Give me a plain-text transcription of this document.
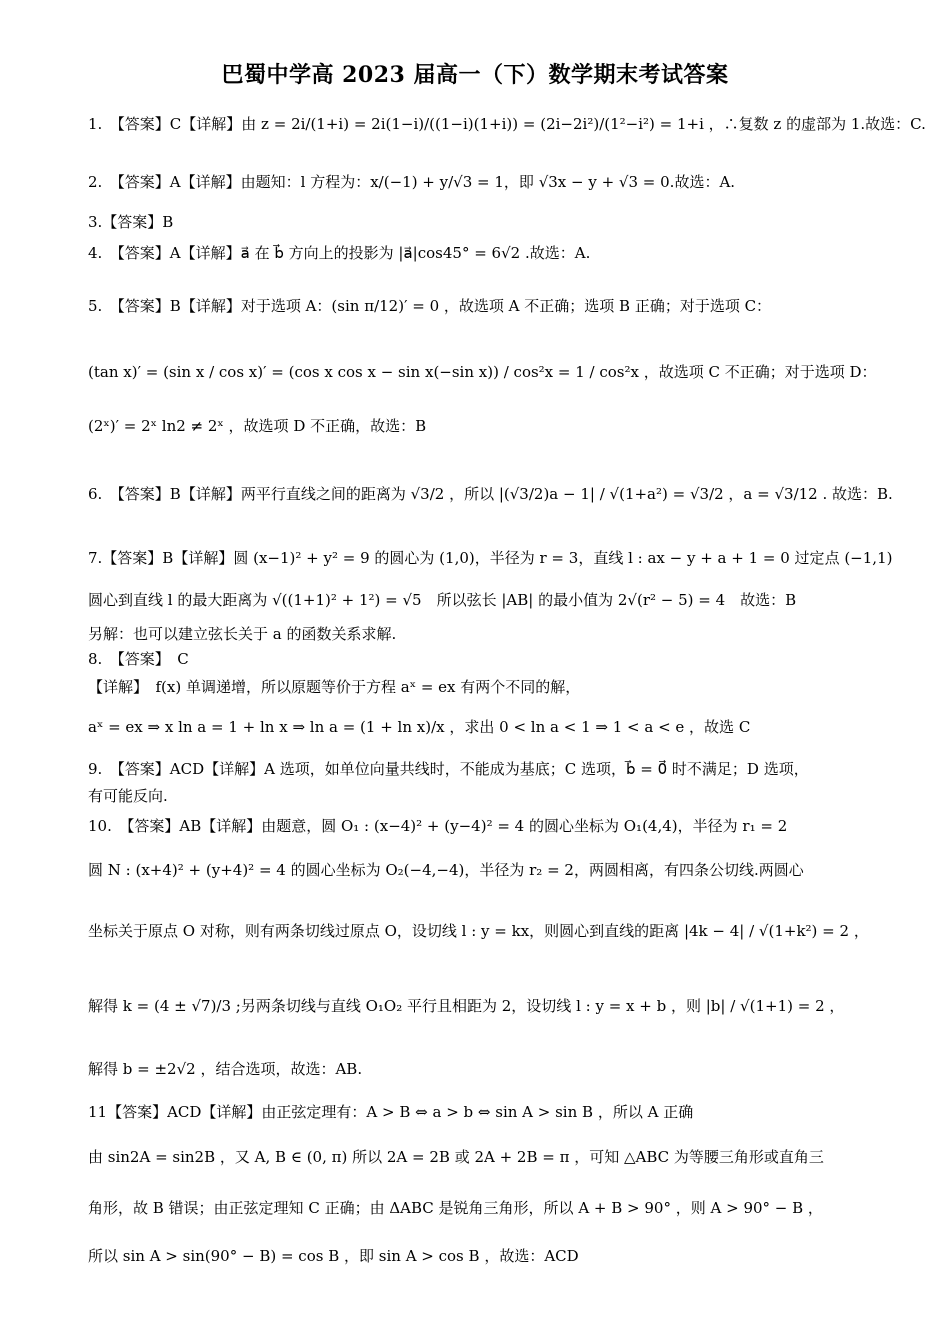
巴蜀中学高 2023 届高一（下）数学期末考试答案
1.　【答案】C【详解】由 z = 2i/(1+i) = 2i(1−i)/((1−i)(1+i)) = (2i−2i²)/(1²−i²) = 1+i ，∴复数 z 的虚部为 1.故选：C.
2.　【答案】A【详解】由题知：l 方程为：x/(−1) + y/√3 = 1，即 √3x − y + √3 = 0.故选：A.
3.【答案】B
4.　【答案】A【详解】a⃗ 在 b⃗ 方向上的投影为 |a⃗|cos45° = 6√2 .故选：A.
5.　【答案】B【详解】对于选项 A：(sin π/12)′ = 0 ，故选项 A 不正确；选项 B 正确；对于选项 C：
(tan x)′ = (sin x / cos x)′ = (cos x cos x − sin x(−sin x)) / cos²x = 1 / cos²x ，故选项 C 不正确；对于选项 D：
(2ˣ)′ = 2ˣ ln2 ≠ 2ˣ ，故选项 D 不正确，故选：B
6.　【答案】B【详解】两平行直线之间的距离为 √3/2 ，所以 |(√3/2)a − 1| / √(1+a²) = √3/2 ，a = √3/12 . 故选：B.
7.【答案】B【详解】圆 (x−1)² + y² = 9 的圆心为 (1,0)，半径为 r = 3，直线 l : ax − y + a + 1 = 0 过定点 (−1,1)
圆心到直线 l 的最大距离为 √((1+1)² + 1²) = √5　所以弦长 |AB| 的最小值为 2√(r² − 5) = 4　故选：B
另解：也可以建立弦长关于 a 的函数关系求解.
8.　【答案】　C
【详解】　f(x) 单调递增，所以原题等价于方程 aˣ = ex 有两个不同的解，
aˣ = ex ⇒ x ln a = 1 + ln x ⇒ ln a = (1 + ln x)/x ，求出 0 < ln a < 1 ⇒ 1 < a < e ，故选 C
9.　【答案】ACD【详解】A 选项，如单位向量共线时，不能成为基底；C 选项，b⃗ = 0⃗ 时不满足；D 选项，
有可能反向.
10.　【答案】AB【详解】由题意，圆 O₁ : (x−4)² + (y−4)² = 4 的圆心坐标为 O₁(4,4)，半径为 r₁ = 2
圆 N : (x+4)² + (y+4)² = 4 的圆心坐标为 O₂(−4,−4)，半径为 r₂ = 2，两圆相离，有四条公切线.两圆心
坐标关于原点 O 对称，则有两条切线过原点 O，设切线 l : y = kx，则圆心到直线的距离 |4k − 4| / √(1+k²) = 2 ，
解得 k = (4 ± √7)/3 ;另两条切线与直线 O₁O₂ 平行且相距为 2，设切线 l : y = x + b ，则 |b| / √(1+1) = 2 ，
解得 b = ±2√2 ，结合选项，故选：AB.
11【答案】ACD【详解】由正弦定理有：A > B ⇔ a > b ⇔ sin A > sin B ，所以 A 正确
由 sin2A = sin2B ，又 A, B ∈ (0, π) 所以 2A = 2B 或 2A + 2B = π ，可知 △ABC 为等腰三角形或直角三
角形，故 B 错误；由正弦定理知 C 正确；由 ΔABC 是锐角三角形，所以 A + B > 90° ，则 A > 90° − B ，
所以 sin A > sin(90° − B) = cos B ，即 sin A > cos B ，故选：ACD
